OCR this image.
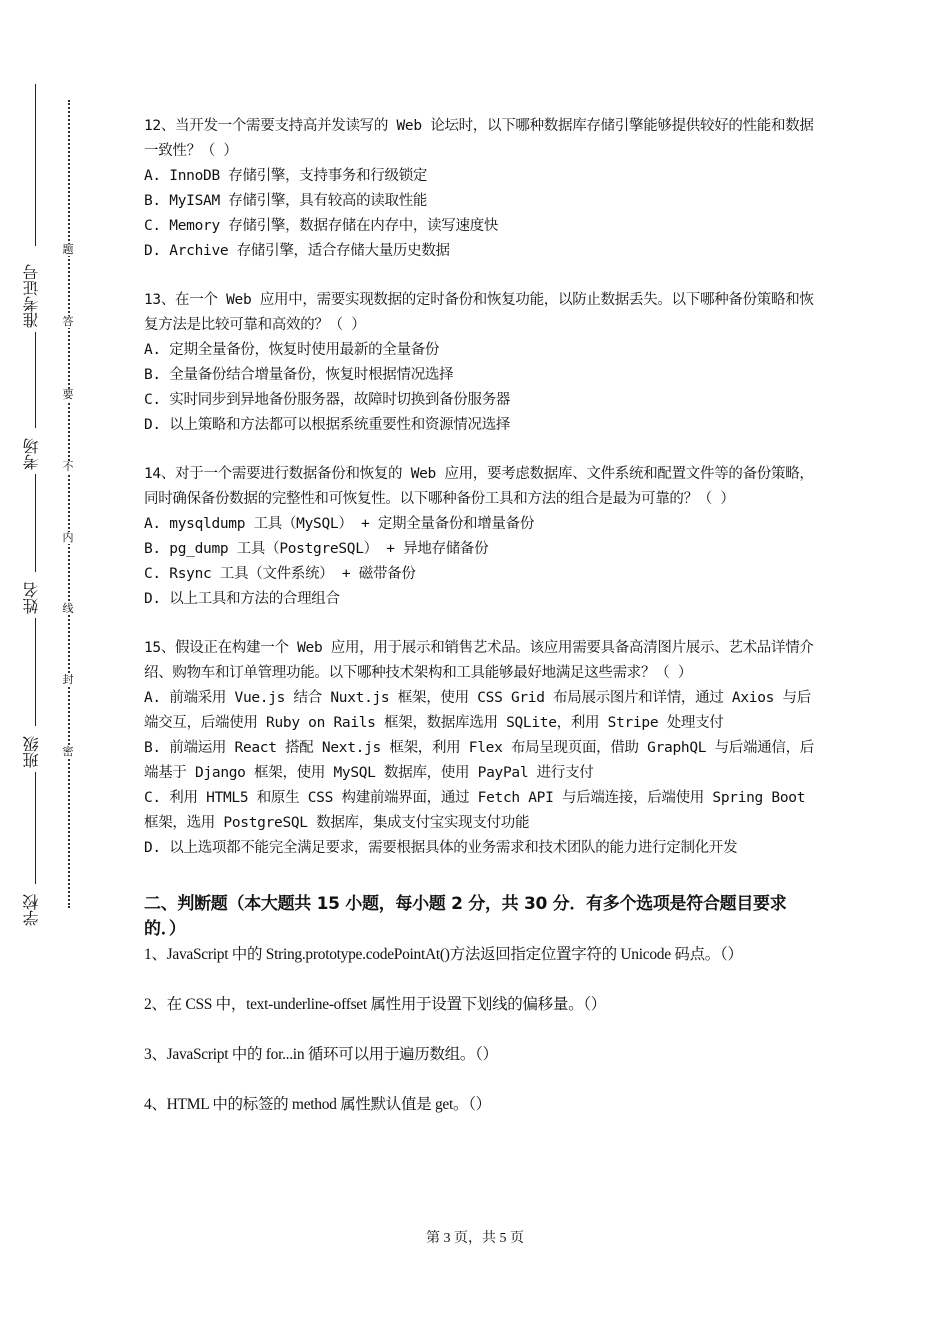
准考证号
考场
姓名
班级
学校
题
答
要
不
内
线
封
密

12、当开发一个需要支持高并发读写的 Web 论坛时，以下哪种数据库存储引擎能够提供较好的性能和数据一致性？（ ）

A. InnoDB 存储引擎，支持事务和行级锁定

B. MyISAM 存储引擎，具有较高的读取性能

C. Memory 存储引擎，数据存储在内存中，读写速度快

D. Archive 存储引擎，适合存储大量历史数据

13、在一个 Web 应用中，需要实现数据的定时备份和恢复功能，以防止数据丢失。以下哪种备份策略和恢复方法是比较可靠和高效的？（ ）

A. 定期全量备份，恢复时使用最新的全量备份

B. 全量备份结合增量备份，恢复时根据情况选择

C. 实时同步到异地备份服务器，故障时切换到备份服务器

D. 以上策略和方法都可以根据系统重要性和资源情况选择

14、对于一个需要进行数据备份和恢复的 Web 应用，要考虑数据库、文件系统和配置文件等的备份策略，同时确保备份数据的完整性和可恢复性。以下哪种备份工具和方法的组合是最为可靠的？（ ）

A. mysqldump 工具（MySQL） + 定期全量备份和增量备份

B. pg_dump 工具（PostgreSQL） + 异地存储备份

C. Rsync 工具（文件系统） + 磁带备份

D. 以上工具和方法的合理组合

15、假设正在构建一个 Web 应用，用于展示和销售艺术品。该应用需要具备高清图片展示、艺术品详情介绍、购物车和订单管理功能。以下哪种技术架构和工具能够最好地满足这些需求？（ ）

A. 前端采用 Vue.js 结合 Nuxt.js 框架，使用 CSS Grid 布局展示图片和详情，通过 Axios 与后端交互，后端使用 Ruby on Rails 框架，数据库选用 SQLite，利用 Stripe 处理支付

B. 前端运用 React 搭配 Next.js 框架，利用 Flex 布局呈现页面，借助 GraphQL 与后端通信，后端基于 Django 框架，使用 MySQL 数据库，使用 PayPal 进行支付

C. 利用 HTML5 和原生 CSS 构建前端界面，通过 Fetch API 与后端连接，后端使用 Spring Boot 框架，选用 PostgreSQL 数据库，集成支付宝实现支付功能

D. 以上选项都不能完全满足要求，需要根据具体的业务需求和技术团队的能力进行定制化开发

二、判断题（本大题共 15 小题，每小题 2 分，共 30 分．有多个选项是符合题目要求的．）

1、JavaScript 中的 String.prototype.codePointAt()方法返回指定位置字符的 Unicode 码点。（）

2、在 CSS 中，text-underline-offset 属性用于设置下划线的偏移量。（）

3、JavaScript 中的 for...in 循环可以用于遍历数组。（）

4、HTML 中的标签的 method 属性默认值是 get。（）

第 3 页，共 5 页
